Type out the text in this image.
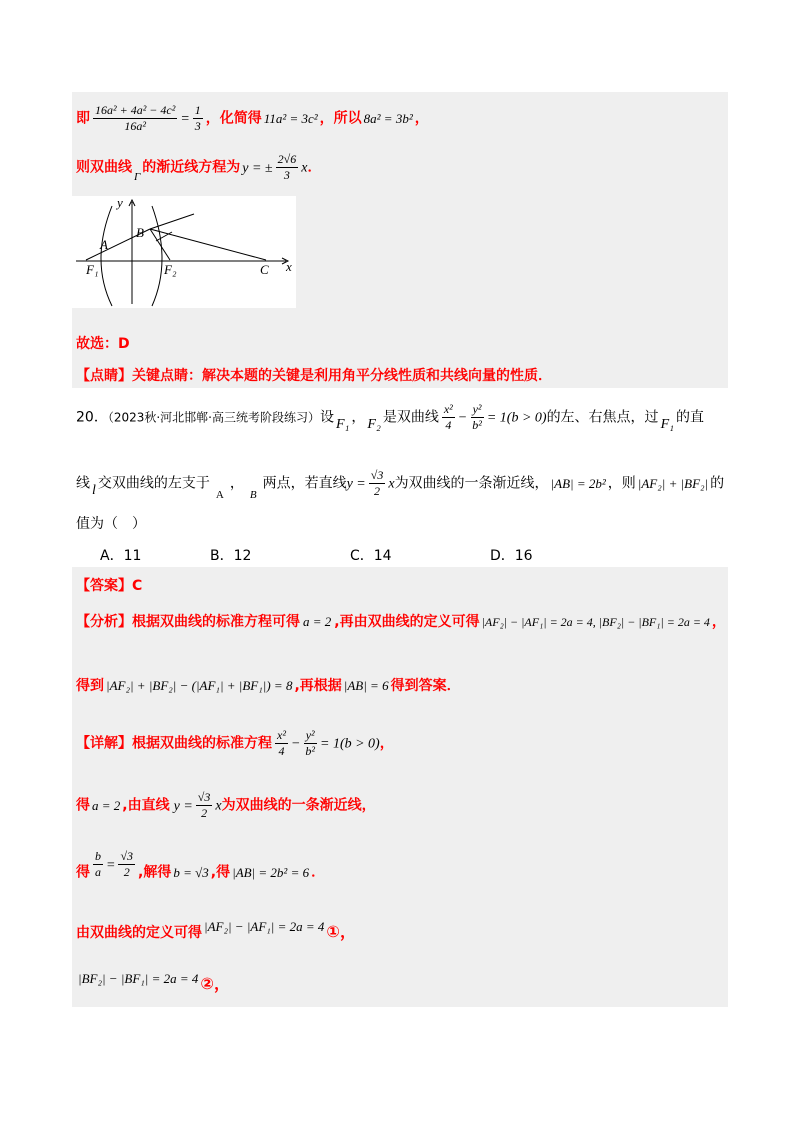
即 $\frac{\text{16a² + 4a² − 4c²}}{\text{16a²}} = \frac{1}{3}$ ，化简得 11a² = 3c² ，所以 8a² = 3b² ，
则双曲线$_\Gamma$的渐近线方程为 y = ± $\frac{2√6}{3}$ x．
y
x
A
B
F₁	F₂	C
故选：D
【点睛】关键点睛：解决本题的关键是利用角平分线性质和共线向量的性质．
20．（2023秋·河北邯郸·高三统考阶段练习）设 F₁ ， F₂ 是双曲线 $\frac{\text{x²}}{4} - \frac{\text{y²}}{\text{b²}} = 1(b > 0)$的左、右焦点，过 F₁ 的直
线 l 交双曲线的左支于$_A$，$_B$两点，若直线$y = \frac{√3}{2}$ x为双曲线的一条渐近线， |AB| = 2b² ，则 |AF₂| + |BF₂| 的
值为（　）
A．11	B．12	C．14	D．16
【答案】C
【分析】根据双曲线的标准方程可得 a = 2 ,再由双曲线的定义可得 |AF₂| − |AF₁| = 2a = 4, |BF₂| − |BF₁| = 2a = 4 ，
得到 |AF₂| + |BF₂| − (|AF₁| + |BF₁|) = 8 ,再根据 |AB| = 6 得到答案．
【详解】根据双曲线的标准方程 $\frac{\text{x²}}{4} - \frac{\text{y²}}{\text{b²}} = 1(b > 0)$，
得 a = 2 ,由直线 $y = \frac{√3}{2}$ x为双曲线的一条渐近线，
得 $\frac{b}{a} = \frac{√3}{2}$ ,解得 b = √3 ,得 |AB| = 2b² = 6 ．
由双曲线的定义可得 |AF₂| − |AF₁| = 2a = 4 ①，
|BF₂| − |BF₁| = 2a = 4 ②，
